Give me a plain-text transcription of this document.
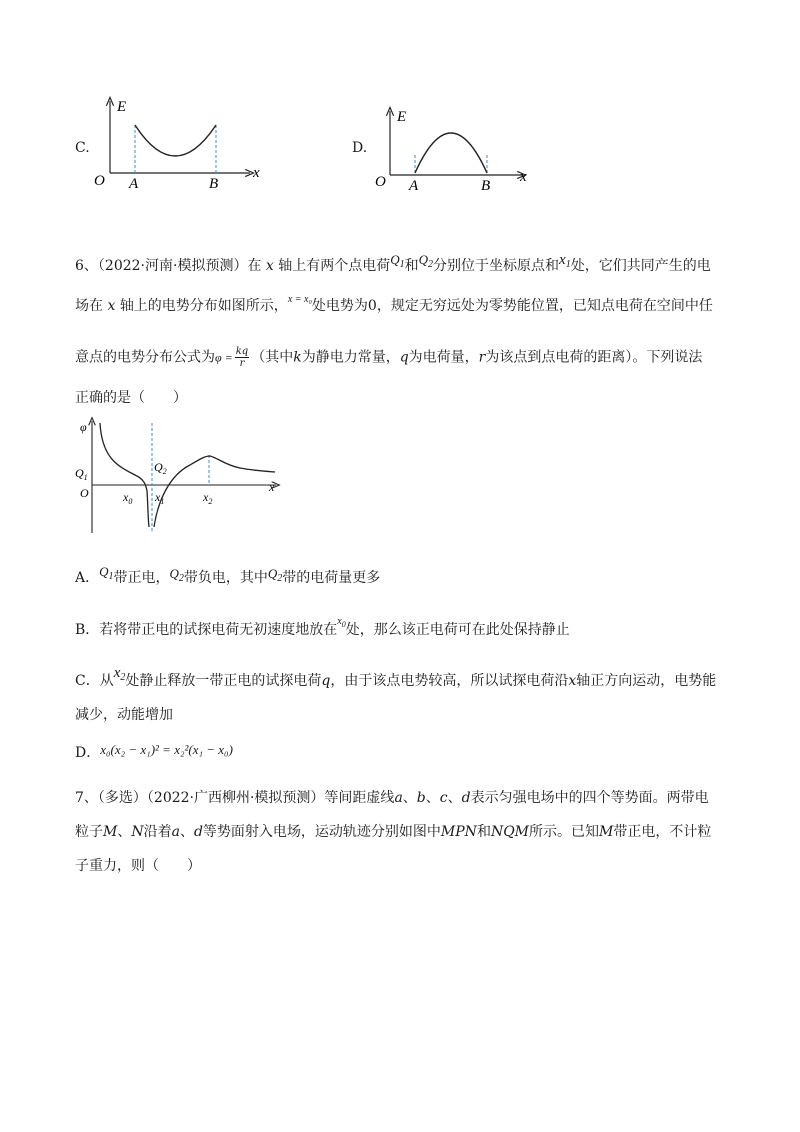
C.
E
x
O A	B
D.
E
x
O A	B
6、（2022·河南·模拟预测）在 x 轴上有两个点电荷$Q_1$和$Q_2$分别位于坐标原点和$x_1$处，它们共同产生的电
场在 x 轴上的电势分布如图所示，$^{x = x_0}$处电势为0，规定无穷远处为零势能位置，已知点电荷在空间中任
意点的电势分布公式为$\varphi = \frac{kq}{r}$ （其中k为静电力常量，q为电荷量，r为该点到点电荷的距离）。下列说法
正确的是（　　）
φ
x
O
$Q_1$
$Q_2$
$x_0$ $x_1$	$x_2$
A．$Q_1$带正电，$Q_2$带负电，其中$Q_2$带的电荷量更多
B．若将带正电的试探电荷无初速度地放在$^{x_0}$处，那么该正电荷可在此处保持静止
C．从$x_2$处静止释放一带正电的试探电荷q，由于该点电势较高，所以试探电荷沿x轴正方向运动，电势能
减少，动能增加
D．x₀(x₂ − x₁)² = x₂²(x₁ − x₀)
7、（多选）（2022·广西柳州·模拟预测）等间距虚线a、b、c、d表示匀强电场中的四个等势面。两带电
粒子M、N沿着a、d等势面射入电场，运动轨迹分别如图中MPN和NQM所示。已知M带正电，不计粒
子重力，则（　　）
